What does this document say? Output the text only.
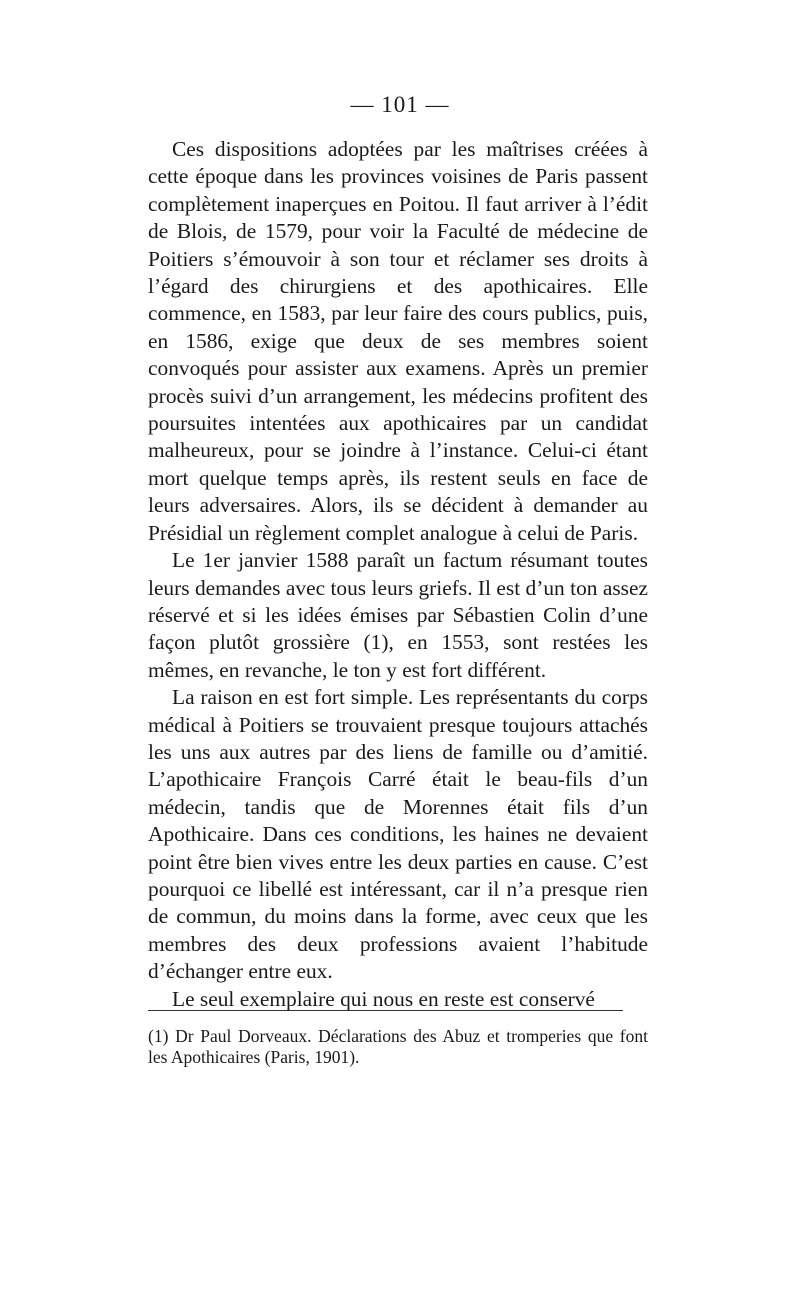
— 101 —

Ces dispositions adoptées par les maîtrises créées à cette époque dans les provinces voisines de Paris passent complètement inaperçues en Poitou. Il faut arriver à l’édit de Blois, de 1579, pour voir la Faculté de médecine de Poitiers s’émouvoir à son tour et réclamer ses droits à l’égard des chirurgiens et des apothicaires. Elle commence, en 1583, par leur faire des cours publics, puis, en 1586, exige que deux de ses membres soient convoqués pour assister aux examens. Après un premier procès suivi d’un arrangement, les médecins profitent des poursuites intentées aux apothicaires par un candidat malheureux, pour se joindre à l’instance. Celui-ci étant mort quelque temps après, ils restent seuls en face de leurs adversaires. Alors, ils se décident à demander au Présidial un règlement complet analogue à celui de Paris.

Le 1er janvier 1588 paraît un factum résumant toutes leurs demandes avec tous leurs griefs. Il est d’un ton assez réservé et si les idées émises par Sébastien Colin d’une façon plutôt grossière (1), en 1553, sont restées les mêmes, en revanche, le ton y est fort différent.

La raison en est fort simple. Les représentants du corps médical à Poitiers se trouvaient presque toujours attachés les uns aux autres par des liens de famille ou d’amitié. L’apothicaire François Carré était le beau-fils d’un médecin, tandis que de Morennes était fils d’un Apothicaire. Dans ces conditions, les haines ne devaient point être bien vives entre les deux parties en cause. C’est pourquoi ce libellé est intéressant, car il n’a presque rien de commun, du moins dans la forme, avec ceux que les membres des deux professions avaient l’habitude d’échanger entre eux.

Le seul exemplaire qui nous en reste est conservé

(1) Dr Paul Dorveaux. Déclarations des Abuz et tromperies que font les Apothicaires (Paris, 1901).
